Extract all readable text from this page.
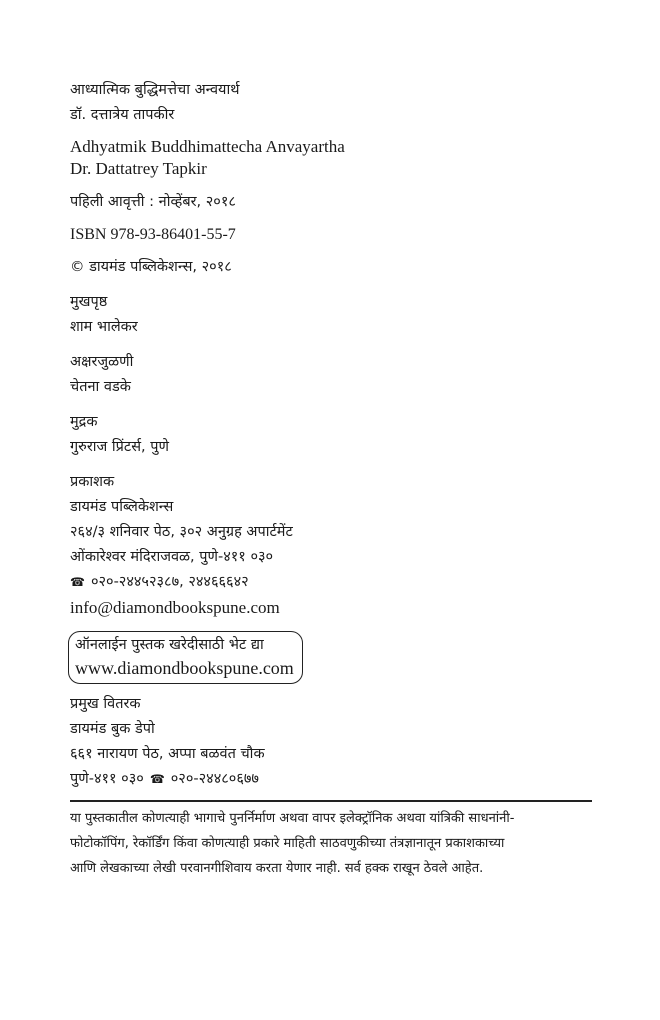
आध्यात्मिक बुद्धिमत्तेचा अन्वयार्थ
डॉ. दत्तात्रेय तापकीर
Adhyatmik Buddhimattecha Anvayartha
Dr. Dattatrey Tapkir
पहिली आवृत्ती : नोव्हेंबर, २०१८
ISBN 978-93-86401-55-7
© डायमंड पब्लिकेशन्स, २०१८
मुखपृष्ठ
शाम भालेकर
अक्षरजुळणी
चेतना वडके
मुद्रक
गुरुराज प्रिंटर्स, पुणे
प्रकाशक
डायमंड पब्लिकेशन्स
२६४/३ शनिवार पेठ, ३०२ अनुग्रह अपार्टमेंट
ओंकारेश्वर मंदिराजवळ, पुणे-४११ ०३०
☎ ०२०-२४४५२३८७, २४४६६६४२
info@diamondbookspune.com
ऑनलाईन पुस्तक खरेदीसाठी भेट द्या
www.diamondbookspune.com
प्रमुख वितरक
डायमंड बुक डेपो
६६१ नारायण पेठ, अप्पा बळवंत चौक
पुणे-४११ ०३० ☎ ०२०-२४४८०६७७
या पुस्तकातील कोणत्याही भागाचे पुनर्निर्माण अथवा वापर इलेक्ट्रॉनिक अथवा यांत्रिकी साधनांनी-
फोटोकॉपिंग, रेकॉर्डिंग किंवा कोणत्याही प्रकारे माहिती साठवणुकीच्या तंत्रज्ञानातून प्रकाशकाच्या
आणि लेखकाच्या लेखी परवानगीशिवाय करता येणार नाही. सर्व हक्क राखून ठेवले आहेत.
